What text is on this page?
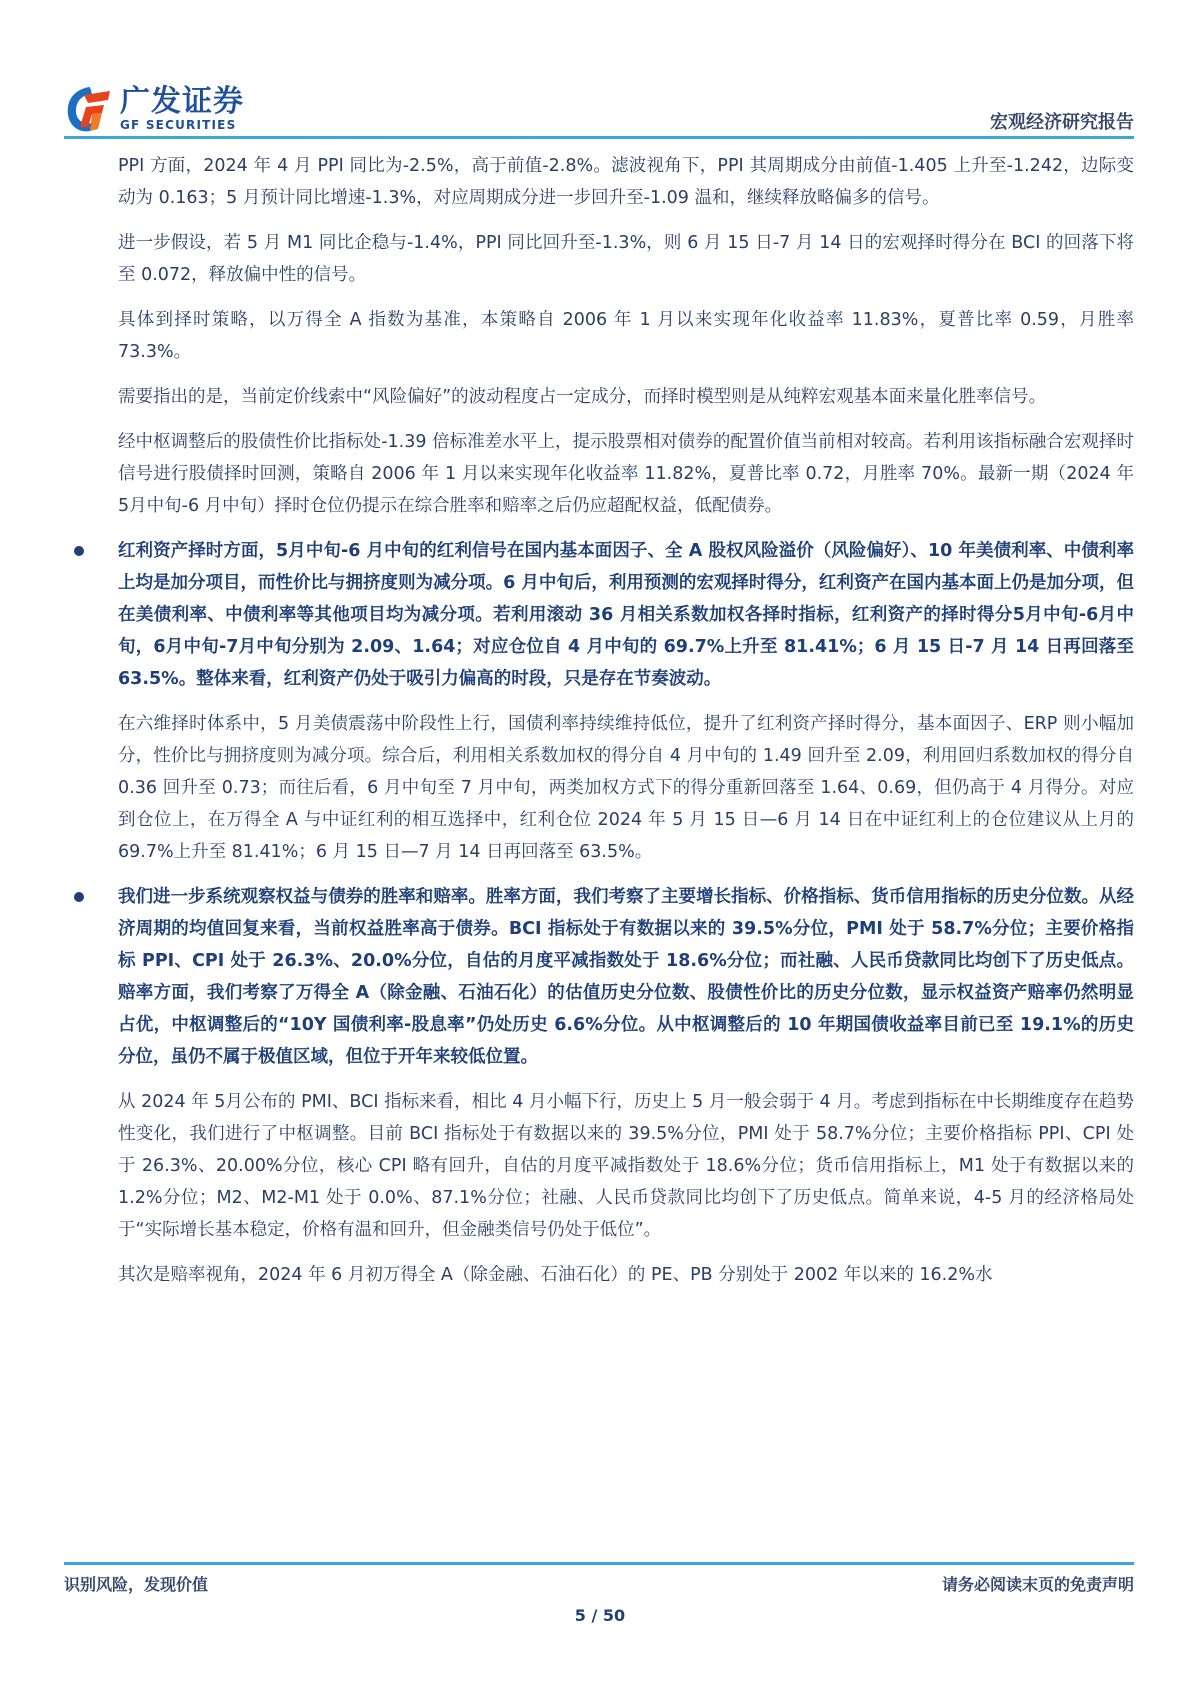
广发证券
GF SECURITIES	宏观经济研究报告

PPI 方面，2024 年 4 月 PPI 同比为-2.5%，高于前值-2.8%。滤波视角下，PPI 其周期成分由前值-1.405 上升至-1.242，边际变动为 0.163；5 月预计同比增速-1.3%，对应周期成分进一步回升至-1.09 温和，继续释放略偏多的信号。

进一步假设，若 5 月 M1 同比企稳与-1.4%，PPI 同比回升至-1.3%，则 6 月 15 日-7 月 14 日的宏观择时得分在 BCI 的回落下将至 0.072，释放偏中性的信号。

具体到择时策略，以万得全 A 指数为基准，本策略自 2006 年 1 月以来实现年化收益率 11.83%，夏普比率 0.59，月胜率 73.3%。

需要指出的是，当前定价线索中“风险偏好”的波动程度占一定成分，而择时模型则是从纯粹宏观基本面来量化胜率信号。

经中枢调整后的股债性价比指标处-1.39 倍标准差水平上，提示股票相对债券的配置价值当前相对较高。若利用该指标融合宏观择时信号进行股债择时回测，策略自 2006 年 1 月以来实现年化收益率 11.82%，夏普比率 0.72，月胜率 70%。最新一期（2024 年 5月中旬-6 月中旬）择时仓位仍提示在综合胜率和赔率之后仍应超配权益，低配债券。

红利资产择时方面，5月中旬-6 月中旬的红利信号在国内基本面因子、全 A 股权风险溢价（风险偏好）、10 年美债利率、中债利率上均是加分项目，而性价比与拥挤度则为减分项。6 月中旬后，利用预测的宏观择时得分，红利资产在国内基本面上仍是加分项，但在美债利率、中债利率等其他项目均为减分项。若利用滚动 36 月相关系数加权各择时指标，红利资产的择时得分5月中旬-6月中旬，6月中旬-7月中旬分别为 2.09、1.64；对应仓位自 4 月中旬的 69.7%上升至 81.41%；6 月 15 日-7 月 14 日再回落至 63.5%。整体来看，红利资产仍处于吸引力偏高的时段，只是存在节奏波动。

在六维择时体系中，5 月美债震荡中阶段性上行，国债利率持续维持低位，提升了红利资产择时得分，基本面因子、ERP 则小幅加分，性价比与拥挤度则为减分项。综合后，利用相关系数加权的得分自 4 月中旬的 1.49 回升至 2.09，利用回归系数加权的得分自 0.36 回升至 0.73；而往后看，6 月中旬至 7 月中旬，两类加权方式下的得分重新回落至 1.64、0.69，但仍高于 4 月得分。对应到仓位上，在万得全 A 与中证红利的相互选择中，红利仓位 2024 年 5 月 15 日—6 月 14 日在中证红利上的仓位建议从上月的 69.7%上升至 81.41%；6 月 15 日—7 月 14 日再回落至 63.5%。

我们进一步系统观察权益与债券的胜率和赔率。胜率方面，我们考察了主要增长指标、价格指标、货币信用指标的历史分位数。从经济周期的均值回复来看，当前权益胜率高于债券。BCI 指标处于有数据以来的 39.5%分位，PMI 处于 58.7%分位；主要价格指标 PPI、CPI 处于 26.3%、20.0%分位，自估的月度平减指数处于 18.6%分位；而社融、人民币贷款同比均创下了历史低点。赔率方面，我们考察了万得全 A（除金融、石油石化）的估值历史分位数、股债性价比的历史分位数，显示权益资产赔率仍然明显占优，中枢调整后的“10Y 国债利率-股息率”仍处历史 6.6%分位。从中枢调整后的 10 年期国债收益率目前已至 19.1%的历史分位，虽仍不属于极值区域，但位于开年来较低位置。

从 2024 年 5月公布的 PMI、BCI 指标来看，相比 4 月小幅下行，历史上 5 月一般会弱于 4 月。考虑到指标在中长期维度存在趋势性变化，我们进行了中枢调整。目前 BCI 指标处于有数据以来的 39.5%分位，PMI 处于 58.7%分位；主要价格指标 PPI、CPI 处于 26.3%、20.00%分位，核心 CPI 略有回升，自估的月度平减指数处于 18.6%分位；货币信用指标上，M1 处于有数据以来的 1.2%分位；M2、M2-M1 处于 0.0%、87.1%分位；社融、人民币贷款同比均创下了历史低点。简单来说，4-5 月的经济格局处于“实际增长基本稳定，价格有温和回升，但金融类信号仍处于低位”。

其次是赔率视角，2024 年 6 月初万得全 A（除金融、石油石化）的 PE、PB 分别处于 2002 年以来的 16.2%水

识别风险，发现价值	请务必阅读末页的免责声明
5 / 50
